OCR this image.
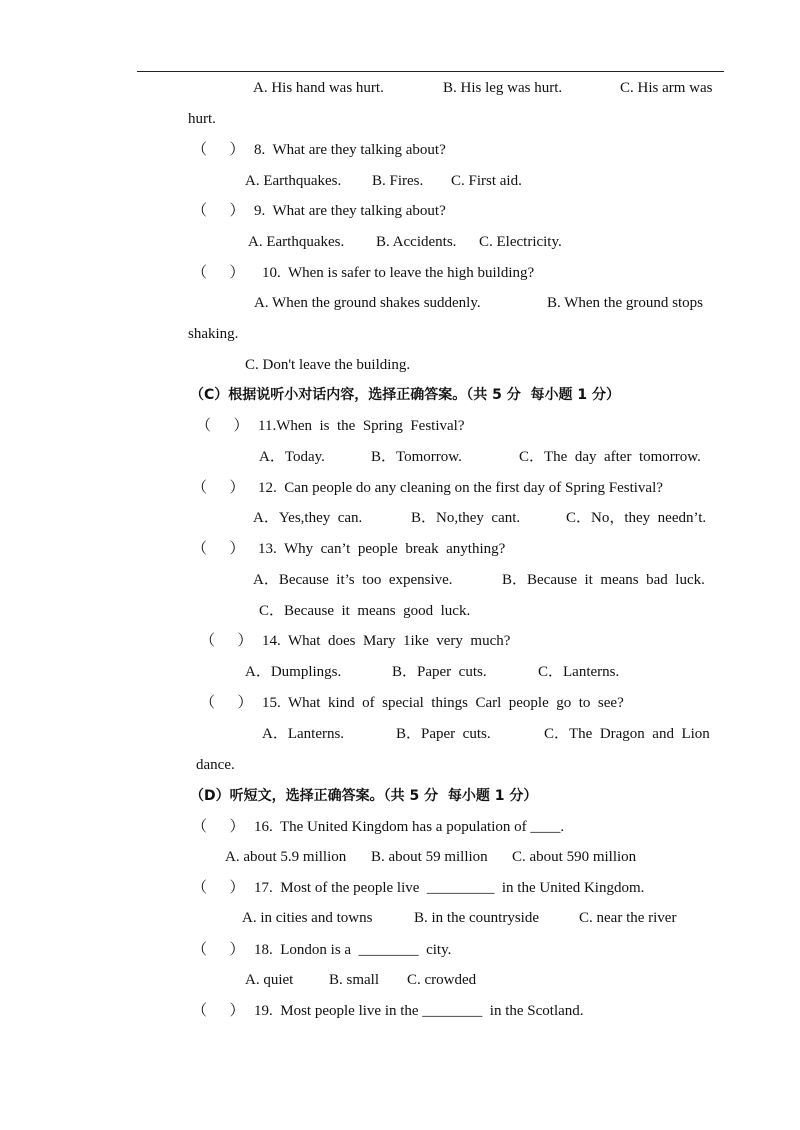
A. His hand was hurt.	B. His leg was hurt.	C. His arm was
hurt.
（      ） 8.  What are they talking about?
A. Earthquakes. B. Fires. C. First aid.
（      ） 9.  What are they talking about?
A. Earthquakes. B. Accidents. C. Electricity.
（      ） 10.  When is safer to leave the high building?
A. When the ground shakes suddenly.	B. When the ground stops
shaking.
C. Don't leave the building.
（C）根据说听小对话内容，选择正确答案。（共 5 分  每小题 1 分）
（      ） 11.When  is  the  Spring  Festival?
A．Today.	B．Tomorrow.	C．The  day  after  tomorrow.
（      ） 12.  Can people do any cleaning on the first day of Spring Festival?
A．Yes,they  can.	B．No,they  cant.	C．No，they  needn’t.
（      ） 13.  Why  can’t  people  break  anything?
A．Because  it’s  too  expensive.	B．Because  it  means  bad  luck.
C．Because  it  means  good  luck.
（      ） 14.  What  does  Mary  1ike  very  much?
A．Dumplings.	B．Paper  cuts.	C．Lanterns.
（      ） 15.  What  kind  of  special  things  Carl  people  go  to  see?
A．Lanterns.	B．Paper  cuts.	C．The  Dragon  and  Lion
dance.
（D）听短文，选择正确答案。（共 5 分  每小题 1 分）
（      ） 16.  The United Kingdom has a population of ____.
A. about 5.9 million B. about 59 million C. about 590 million
（      ） 17.  Most of the people live  _________  in the United Kingdom.
A. in cities and towns	B. in the countryside	C. near the river
（      ） 18.  London is a  ________  city.
A. quiet B. small C. crowded
（      ） 19.  Most people live in the ________  in the Scotland.
